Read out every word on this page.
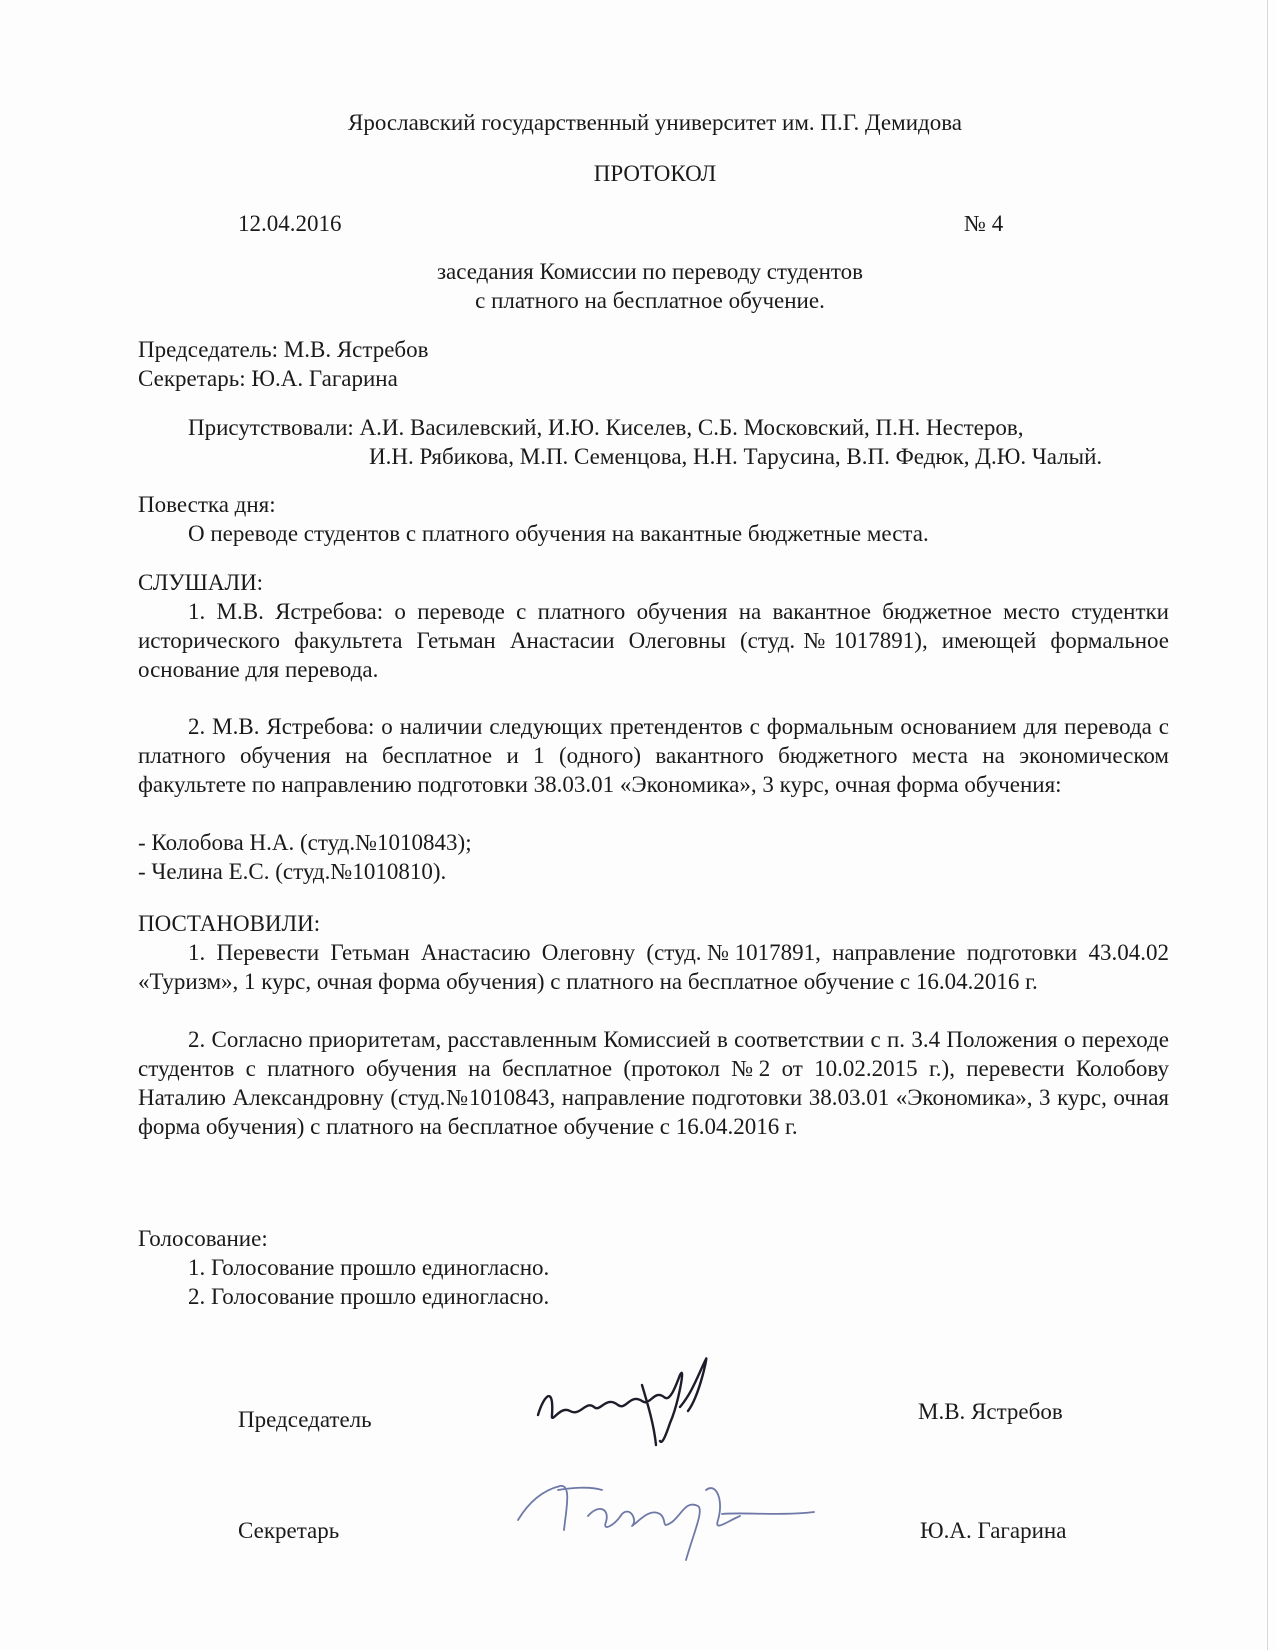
Ярославский государственный университет им. П.Г. Демидова
ПРОТОКОЛ
12.04.2016	№ 4
заседания Комиссии по переводу студентов
с платного на бесплатное обучение.
Председатель: М.В. Ястребов
Секретарь: Ю.А. Гагарина
Присутствовали: А.И. Василевский, И.Ю. Киселев, С.Б. Московский, П.Н. Нестеров,
И.Н. Рябикова, М.П. Семенцова, Н.Н. Тарусина, В.П. Федюк, Д.Ю. Чалый.
Повестка дня:
О переводе студентов с платного обучения на вакантные бюджетные места.
СЛУШАЛИ:
1. М.В. Ястребова: о переводе с платного обучения на вакантное бюджетное место студентки исторического факультета Гетьман Анастасии Олеговны (студ.№1017891), имеющей формальное основание для перевода.
2. М.В. Ястребова: о наличии следующих претендентов с формальным основанием для перевода с платного обучения на бесплатное и 1 (одного) вакантного бюджетного места на экономическом факультете по направлению подготовки 38.03.01 «Экономика», 3 курс, очная форма обучения:
- Колобова Н.А. (студ.№1010843);
- Челина Е.С. (студ.№1010810).
ПОСТАНОВИЛИ:
1. Перевести Гетьман Анастасию Олеговну (студ.№1017891, направление подготовки 43.04.02 «Туризм», 1 курс, очная форма обучения) с платного на бесплатное обучение с 16.04.2016 г.
2. Согласно приоритетам, расставленным Комиссией в соответствии с п. 3.4 Положения о переходе студентов с платного обучения на бесплатное (протокол №2 от 10.02.2015 г.), перевести Колобову Наталию Александровну (студ.№1010843, направление подготовки 38.03.01 «Экономика», 3 курс, очная форма обучения) с платного на бесплатное обучение с 16.04.2016 г.
Голосование:
1. Голосование прошло единогласно.
2. Голосование прошло единогласно.
Председатель	М.В. Ястребов
Секретарь	Ю.А. Гагарина
